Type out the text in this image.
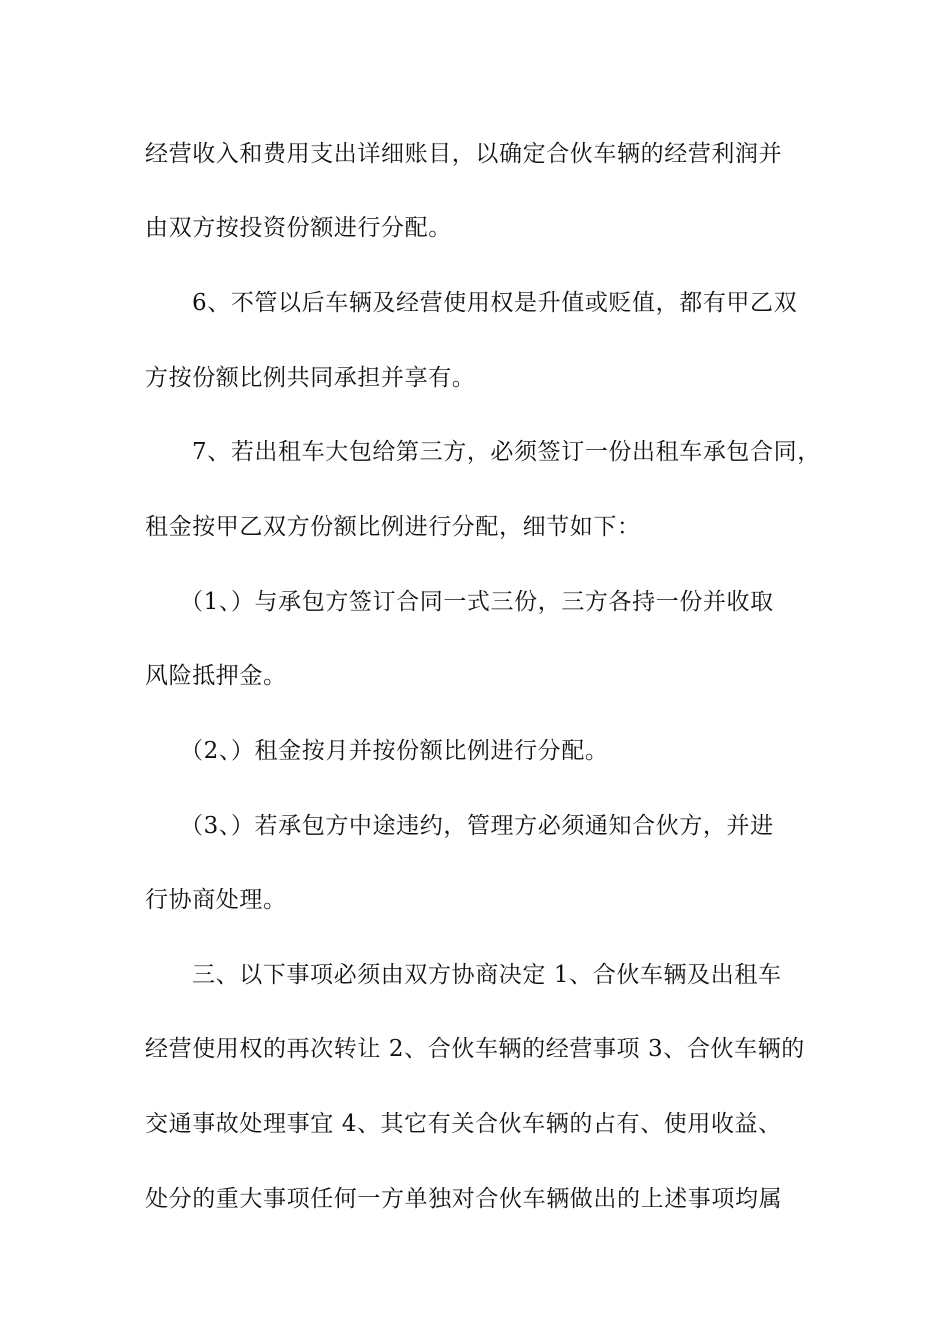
经营收入和费用支出详细账目，以确定合伙车辆的经营利润并
由双方按投资份额进行分配。
6、不管以后车辆及经营使用权是升值或贬值，都有甲乙双
方按份额比例共同承担并享有。
7、若出租车大包给第三方，必须签订一份出租车承包合同，
租金按甲乙双方份额比例进行分配，细节如下：
（1、）与承包方签订合同一式三份，三方各持一份并收取
风险抵押金。
（2、）租金按月并按份额比例进行分配。
（3、）若承包方中途违约，管理方必须通知合伙方，并进
行协商处理。
三、以下事项必须由双方协商决定 1、合伙车辆及出租车
经营使用权的再次转让 2、合伙车辆的经营事项 3、合伙车辆的
交通事故处理事宜 4、其它有关合伙车辆的占有、使用收益、
处分的重大事项任何一方单独对合伙车辆做出的上述事项均属
